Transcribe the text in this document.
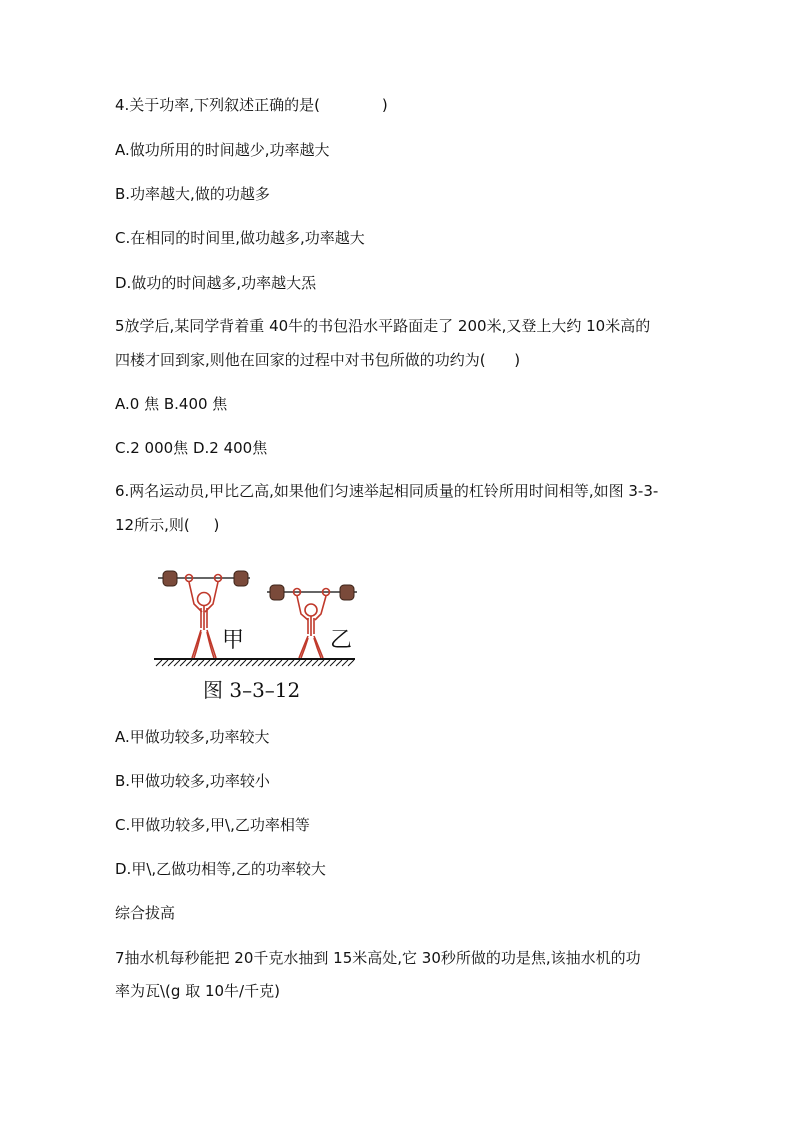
4.关于功率,下列叙述正确的是(             )
A.做功所用的时间越少,功率越大
B.功率越大,做的功越多
C.在相同的时间里,做功越多,功率越大
D.做功的时间越多,功率越大炁
5放学后,某同学背着重 40牛的书包沿水平路面走了 200米,又登上大约 10米高的
四楼才回到家,则他在回家的过程中对书包所做的功约为(      )
A.0 焦 B.400 焦
C.2 000焦 D.2 400焦
6.两名运动员,甲比乙高,如果他们匀速举起相同质量的杠铃所用时间相等,如图 3-3-
12所示,则(     )
甲	乙
图 3–3–12
A.甲做功较多,功率较大
B.甲做功较多,功率较小
C.甲做功较多,甲\,乙功率相等
D.甲\,乙做功相等,乙的功率较大
综合拔高
7抽水机每秒能把 20千克水抽到 15米高处,它 30秒所做的功是焦,该抽水机的功
率为瓦\(g 取 10牛/千克)
